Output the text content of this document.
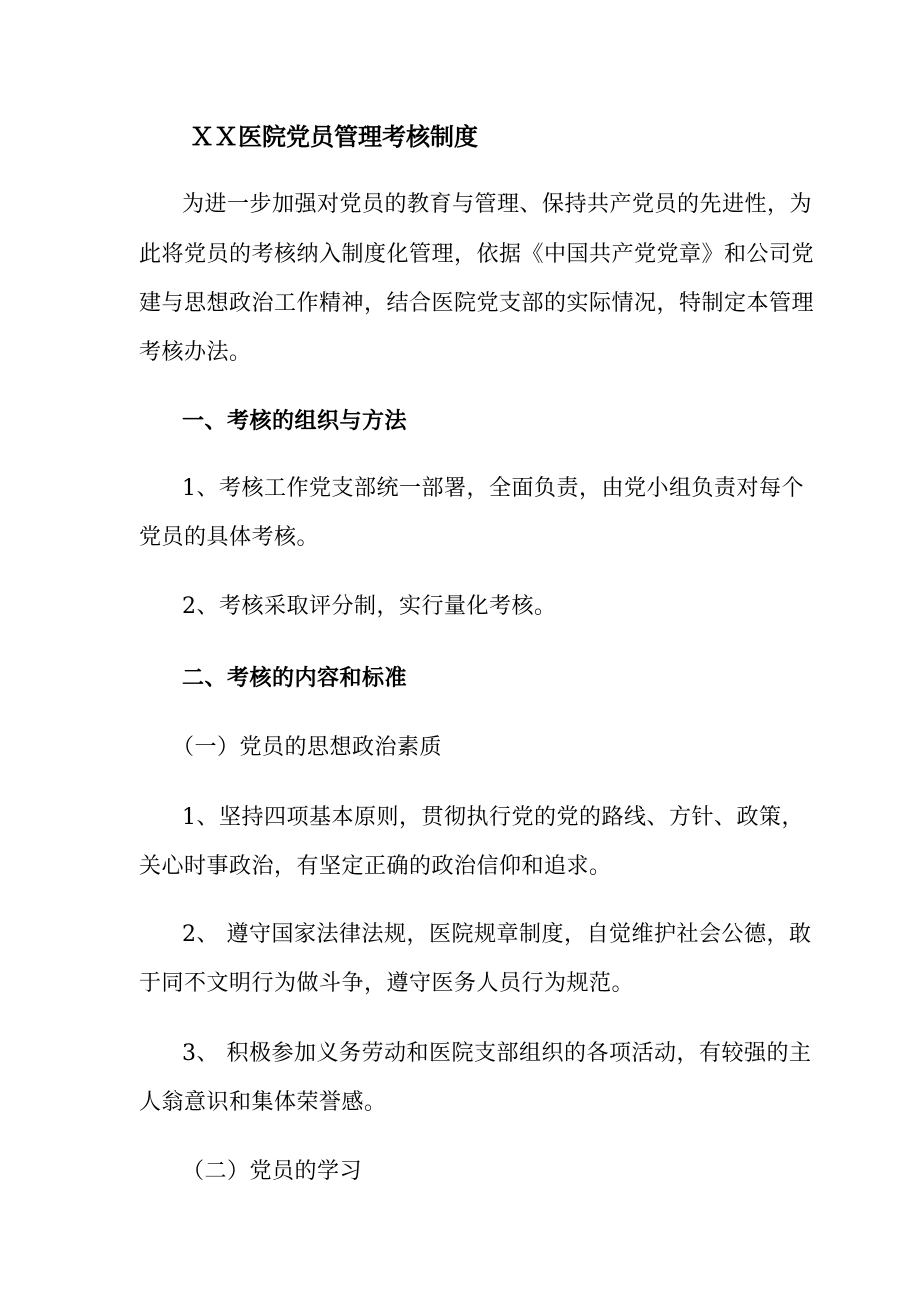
ＸＸ医院党员管理考核制度
为进一步加强对党员的教育与管理、保持共产党员的先进性，为
此将党员的考核纳入制度化管理，依据《中国共产党党章》和公司党
建与思想政治工作精神，结合医院党支部的实际情况，特制定本管理
考核办法。
一、考核的组织与方法
1、考核工作党支部统一部署，全面负责，由党小组负责对每个
党员的具体考核。
2、考核采取评分制，实行量化考核。
二、考核的内容和标准
（一）党员的思想政治素质
1、坚持四项基本原则，贯彻执行党的党的路线、方针、政策，
关心时事政治，有坚定正确的政治信仰和追求。
2、 遵守国家法律法规，医院规章制度，自觉维护社会公德，敢
于同不文明行为做斗争，遵守医务人员行为规范。
3、 积极参加义务劳动和医院支部组织的各项活动，有较强的主
人翁意识和集体荣誉感。
（二）党员的学习
